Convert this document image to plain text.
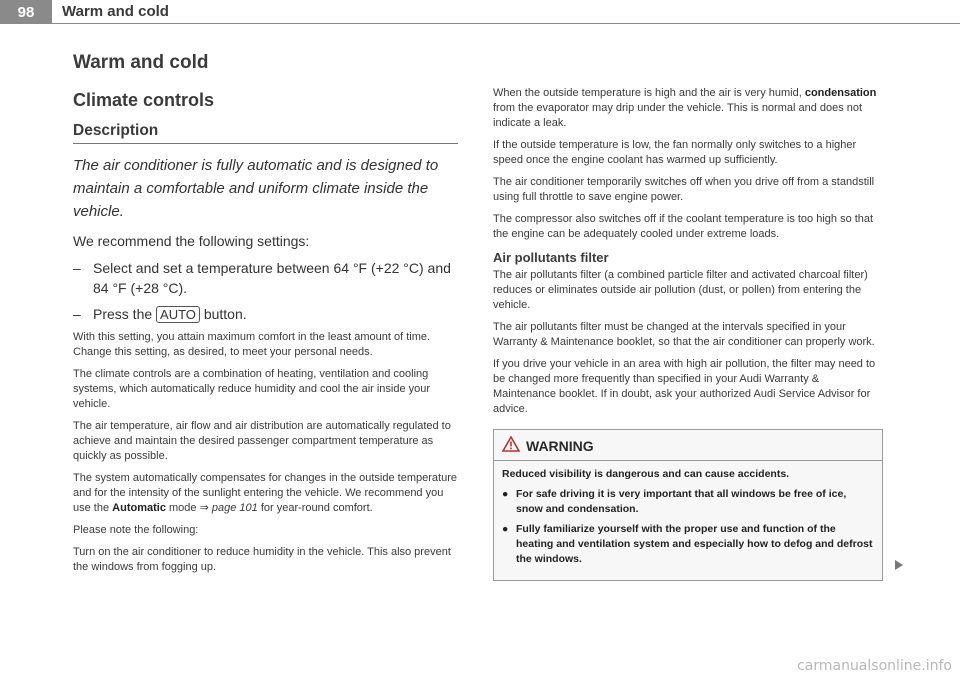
98	Warm and cold
Warm and cold
Climate controls
Description

The air conditioner is fully automatic and is designed to maintain a comfortable and uniform climate inside the vehicle.

We recommend the following settings:

– Select and set a temperature between 64 °F (+22 °C) and 84 °F (+28 °C).
– Press the AUTO button.

With this setting, you attain maximum comfort in the least amount of time. Change this setting, as desired, to meet your personal needs.

The climate controls are a combination of heating, ventilation and cooling systems, which automatically reduce humidity and cool the air inside your vehicle.

The air temperature, air flow and air distribution are automatically regulated to achieve and maintain the desired passenger compartment temperature as quickly as possible.

The system automatically compensates for changes in the outside temperature and for the intensity of the sunlight entering the vehicle. We recommend you use the Automatic mode ⇒ page 101 for year-round comfort.

Please note the following:

Turn on the air conditioner to reduce humidity in the vehicle. This also prevent the windows from fogging up.

When the outside temperature is high and the air is very humid, condensation from the evaporator may drip under the vehicle. This is normal and does not indicate a leak.

If the outside temperature is low, the fan normally only switches to a higher speed once the engine coolant has warmed up sufficiently.

The air conditioner temporarily switches off when you drive off from a standstill using full throttle to save engine power.

The compressor also switches off if the coolant temperature is too high so that the engine can be adequately cooled under extreme loads.

Air pollutants filter

The air pollutants filter (a combined particle filter and activated charcoal filter) reduces or eliminates outside air pollution (dust, or pollen) from entering the vehicle.

The air pollutants filter must be changed at the intervals specified in your Warranty & Maintenance booklet, so that the air conditioner can properly work.

If you drive your vehicle in an area with high air pollution, the filter may need to be changed more frequently than specified in your Audi Warranty & Maintenance booklet. If in doubt, ask your authorized Audi Service Advisor for advice.

WARNING

Reduced visibility is dangerous and can cause accidents.

● For safe driving it is very important that all windows be free of ice, snow and condensation.
● Fully familiarize yourself with the proper use and function of the heating and ventilation system and especially how to defog and defrost the windows.
carmanualsonline.info
